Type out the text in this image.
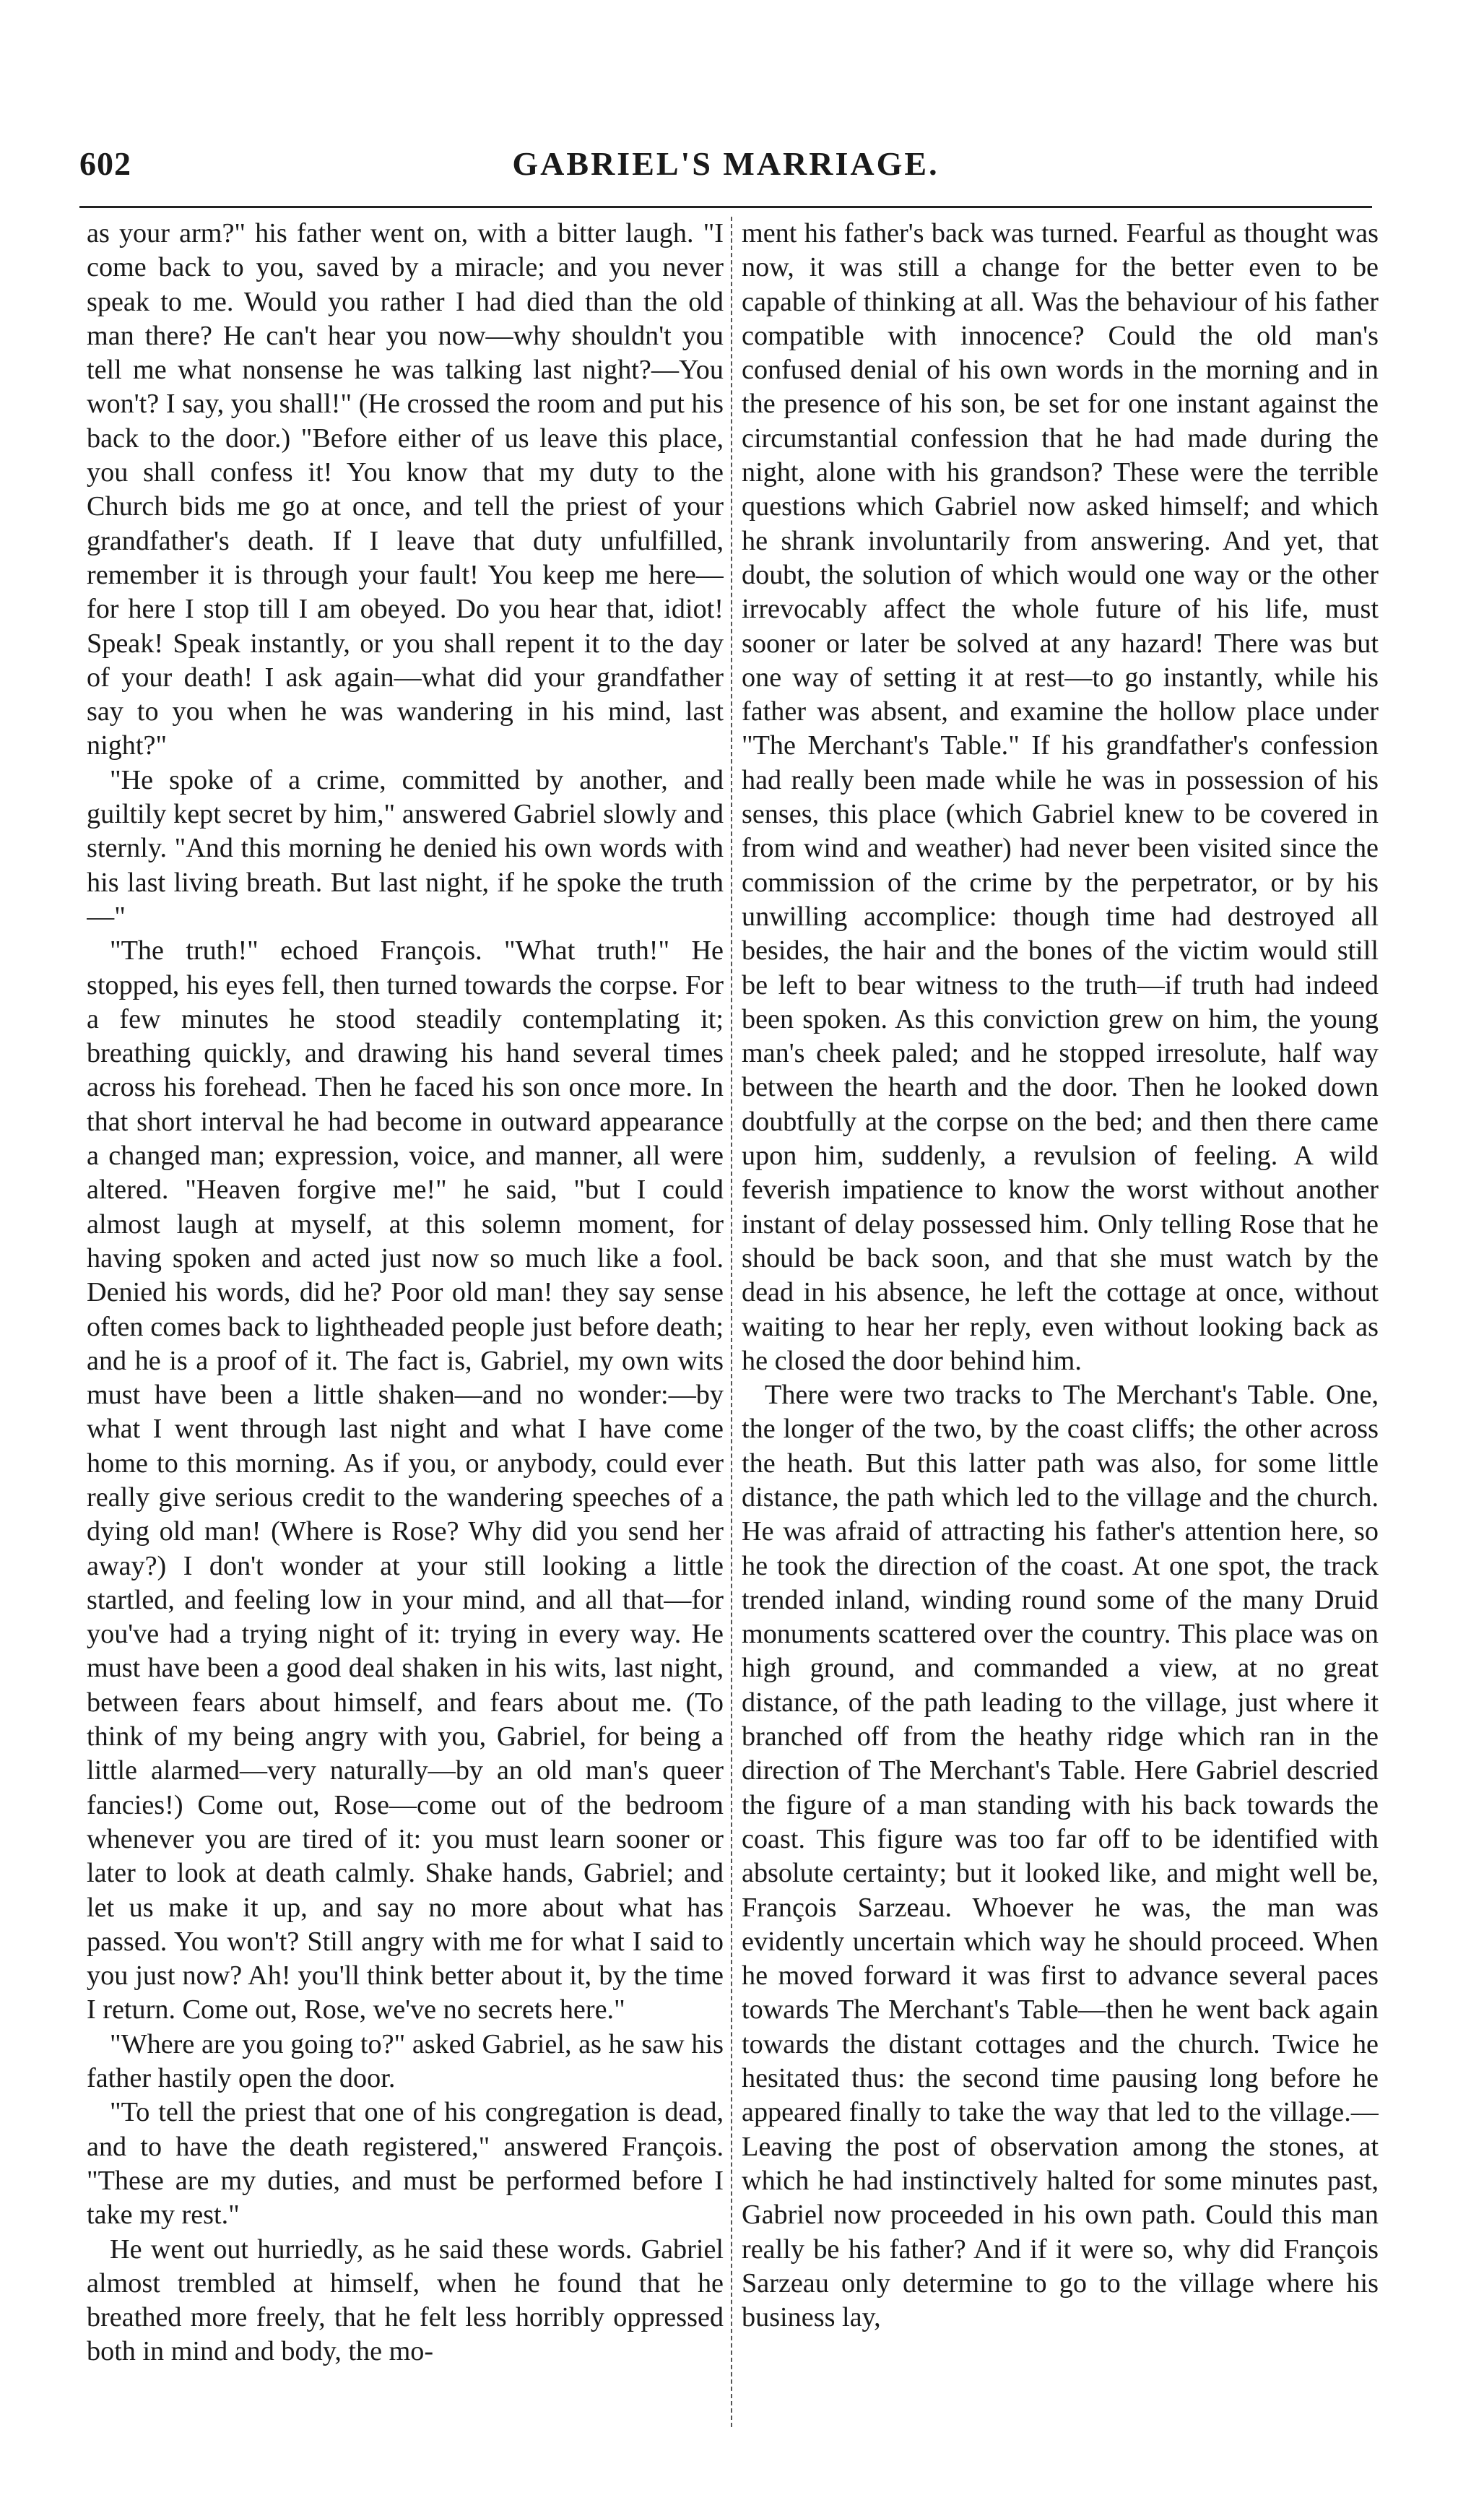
602	GABRIEL'S MARRIAGE.

as your arm?" his father went on, with a bitter laugh. "I come back to you, saved by a miracle; and you never speak to me. Would you rather I had died than the old man there? He can't hear you now—why shouldn't you tell me what nonsense he was talking last night?—You won't? I say, you shall!" (He crossed the room and put his back to the door.) "Before either of us leave this place, you shall confess it! You know that my duty to the Church bids me go at once, and tell the priest of your grandfather's death. If I leave that duty unfulfilled, remember it is through your fault! You keep me here—for here I stop till I am obeyed. Do you hear that, idiot! Speak! Speak instantly, or you shall repent it to the day of your death! I ask again—what did your grandfather say to you when he was wandering in his mind, last night?"

"He spoke of a crime, committed by another, and guiltily kept secret by him," answered Gabriel slowly and sternly. "And this morning he denied his own words with his last living breath. But last night, if he spoke the truth—"

"The truth!" echoed François. "What truth!" He stopped, his eyes fell, then turned towards the corpse. For a few minutes he stood steadily contemplating it; breathing quickly, and drawing his hand several times across his forehead. Then he faced his son once more. In that short interval he had become in outward appearance a changed man; expression, voice, and manner, all were altered. "Heaven forgive me!" he said, "but I could almost laugh at myself, at this solemn moment, for having spoken and acted just now so much like a fool. Denied his words, did he? Poor old man! they say sense often comes back to lightheaded people just before death; and he is a proof of it. The fact is, Gabriel, my own wits must have been a little shaken—and no wonder:—by what I went through last night and what I have come home to this morning. As if you, or anybody, could ever really give serious credit to the wandering speeches of a dying old man! (Where is Rose? Why did you send her away?) I don't wonder at your still looking a little startled, and feeling low in your mind, and all that—for you've had a trying night of it: trying in every way. He must have been a good deal shaken in his wits, last night, between fears about himself, and fears about me. (To think of my being angry with you, Gabriel, for being a little alarmed—very naturally—by an old man's queer fancies!) Come out, Rose—come out of the bedroom whenever you are tired of it: you must learn sooner or later to look at death calmly. Shake hands, Gabriel; and let us make it up, and say no more about what has passed. You won't? Still angry with me for what I said to you just now? Ah! you'll think better about it, by the time I return. Come out, Rose, we've no secrets here."

"Where are you going to?" asked Gabriel, as he saw his father hastily open the door.

"To tell the priest that one of his congregation is dead, and to have the death registered," answered François. "These are my duties, and must be performed before I take my rest."

He went out hurriedly, as he said these words. Gabriel almost trembled at himself, when he found that he breathed more freely, that he felt less horribly oppressed both in mind and body, the mo-

ment his father's back was turned. Fearful as thought was now, it was still a change for the better even to be capable of thinking at all. Was the behaviour of his father compatible with innocence? Could the old man's confused denial of his own words in the morning and in the presence of his son, be set for one instant against the circumstantial confession that he had made during the night, alone with his grandson? These were the terrible questions which Gabriel now asked himself; and which he shrank involuntarily from answering. And yet, that doubt, the solution of which would one way or the other irrevocably affect the whole future of his life, must sooner or later be solved at any hazard! There was but one way of setting it at rest—to go instantly, while his father was absent, and examine the hollow place under "The Merchant's Table." If his grandfather's confession had really been made while he was in possession of his senses, this place (which Gabriel knew to be covered in from wind and weather) had never been visited since the commission of the crime by the perpetrator, or by his unwilling accomplice: though time had destroyed all besides, the hair and the bones of the victim would still be left to bear witness to the truth—if truth had indeed been spoken. As this conviction grew on him, the young man's cheek paled; and he stopped irresolute, half way between the hearth and the door. Then he looked down doubtfully at the corpse on the bed; and then there came upon him, suddenly, a revulsion of feeling. A wild feverish impatience to know the worst without another instant of delay possessed him. Only telling Rose that he should be back soon, and that she must watch by the dead in his absence, he left the cottage at once, without waiting to hear her reply, even without looking back as he closed the door behind him.

There were two tracks to The Merchant's Table. One, the longer of the two, by the coast cliffs; the other across the heath. But this latter path was also, for some little distance, the path which led to the village and the church. He was afraid of attracting his father's attention here, so he took the direction of the coast. At one spot, the track trended inland, winding round some of the many Druid monuments scattered over the country. This place was on high ground, and commanded a view, at no great distance, of the path leading to the village, just where it branched off from the heathy ridge which ran in the direction of The Merchant's Table. Here Gabriel descried the figure of a man standing with his back towards the coast. This figure was too far off to be identified with absolute certainty; but it looked like, and might well be, François Sarzeau. Whoever he was, the man was evidently uncertain which way he should proceed. When he moved forward it was first to advance several paces towards The Merchant's Table—then he went back again towards the distant cottages and the church. Twice he hesitated thus: the second time pausing long before he appeared finally to take the way that led to the village.—Leaving the post of observation among the stones, at which he had instinctively halted for some minutes past, Gabriel now proceeded in his own path. Could this man really be his father? And if it were so, why did François Sarzeau only determine to go to the village where his business lay,
